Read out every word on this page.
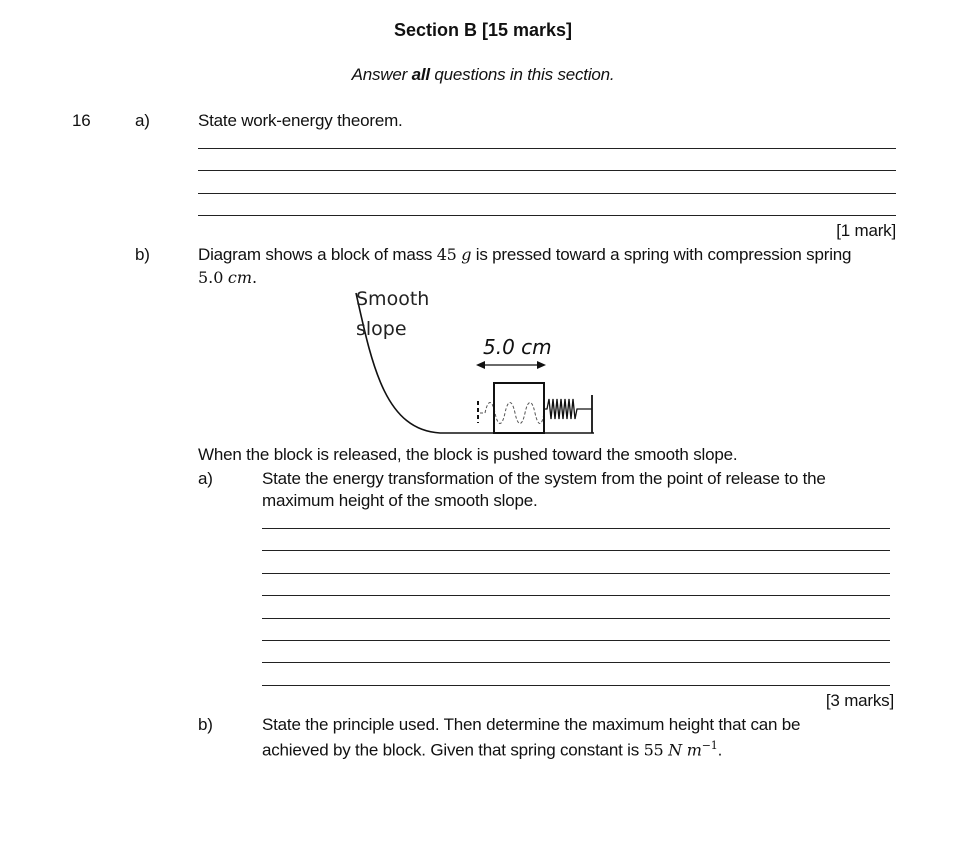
Section B [15 marks]
Answer all questions in this section.
16	a)	State work-energy theorem.
[1 mark]
b)	Diagram shows a block of mass 45 g is pressed toward a spring with compression spring
5.0 cm.
Smooth
slope
5.0 cm
When the block is released, the block is pushed toward the smooth slope.
a)	State the energy transformation of the system from the point of release to the
maximum height of the smooth slope.
[3 marks]
b)	State the principle used. Then determine the maximum height that can be
achieved by the block. Given that spring constant is 55 N $m^{-1}$.
